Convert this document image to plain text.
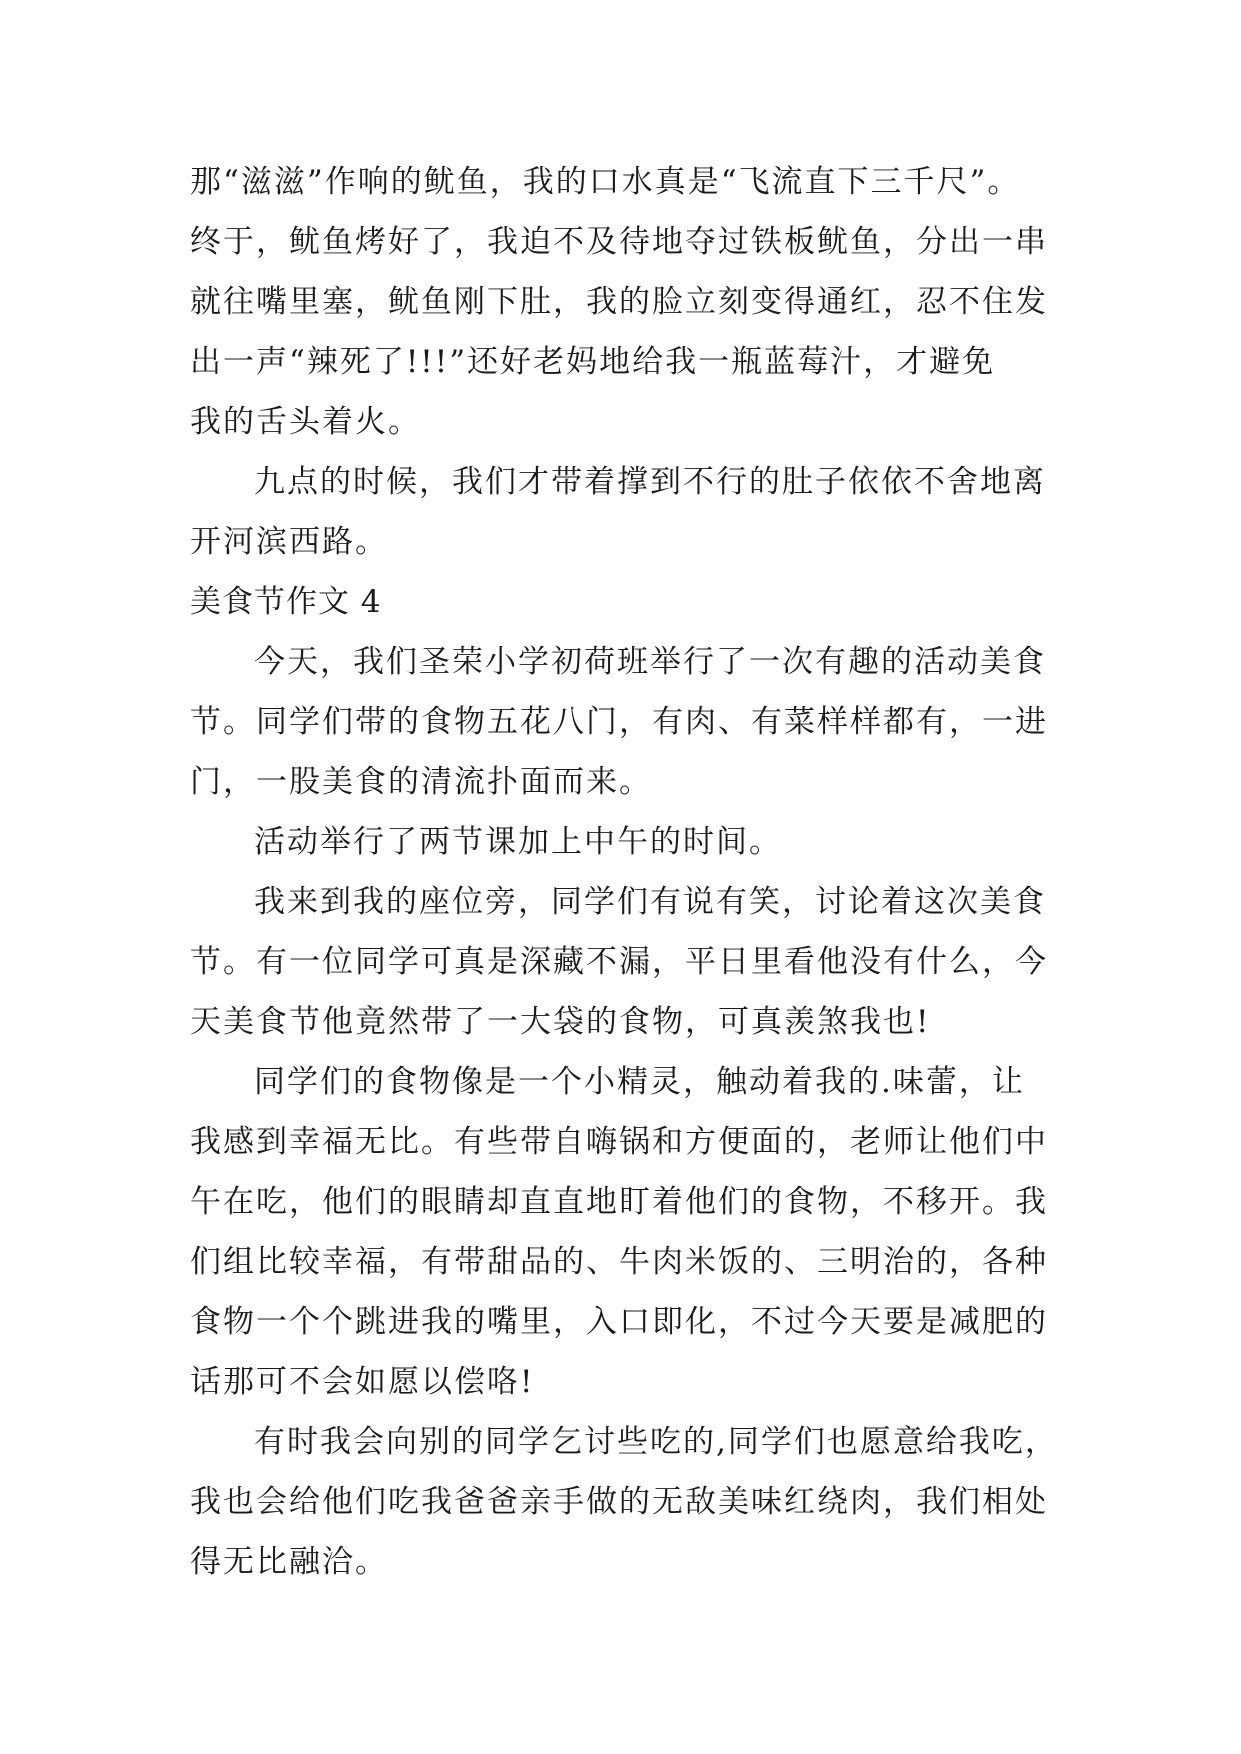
那“滋滋”作响的鱿鱼，我的口水真是“飞流直下三千尺”。
终于，鱿鱼烤好了，我迫不及待地夺过铁板鱿鱼，分出一串
就往嘴里塞，鱿鱼刚下肚，我的脸立刻变得通红，忍不住发
出一声“辣死了!!!”还好老妈地给我一瓶蓝莓汁，才避免
我的舌头着火。
九点的时候，我们才带着撑到不行的肚子依依不舍地离
开河滨西路。
美食节作文 4
今天，我们圣荣小学初荷班举行了一次有趣的活动美食
节。同学们带的食物五花八门，有肉、有菜样样都有，一进
门，一股美食的清流扑面而来。
活动举行了两节课加上中午的时间。
我来到我的座位旁，同学们有说有笑，讨论着这次美食
节。有一位同学可真是深藏不漏，平日里看他没有什么，今
天美食节他竟然带了一大袋的食物，可真羡煞我也!
同学们的食物像是一个小精灵，触动着我的.味蕾，让
我感到幸福无比。有些带自嗨锅和方便面的，老师让他们中
午在吃，他们的眼睛却直直地盯着他们的食物，不移开。我
们组比较幸福，有带甜品的、牛肉米饭的、三明治的，各种
食物一个个跳进我的嘴里，入口即化，不过今天要是减肥的
话那可不会如愿以偿咯!
有时我会向别的同学乞讨些吃的,同学们也愿意给我吃，
我也会给他们吃我爸爸亲手做的无敌美味红绕肉，我们相处
得无比融洽。
